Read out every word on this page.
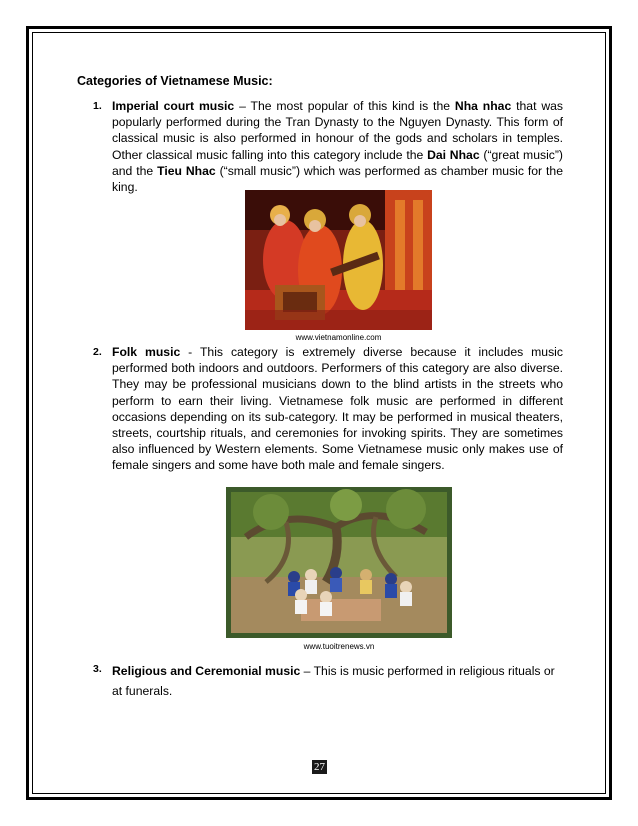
Categories of Vietnamese Music:
1. Imperial court music – The most popular of this kind is the Nha nhac that was popularly performed during the Tran Dynasty to the Nguyen Dynasty. This form of classical music is also performed in honour of the gods and scholars in temples. Other classical music falling into this category include the Dai Nhac (“great music”) and the Tieu Nhac (“small music”) which was performed as chamber music for the king.
www.vietnamonline.com
2. Folk music - This category is extremely diverse because it includes music performed both indoors and outdoors. Performers of this category are also diverse. They may be professional musicians down to the blind artists in the streets who perform to earn their living. Vietnamese folk music are performed in different occasions depending on its sub-category. It may be performed in musical theaters, streets, courtship rituals, and ceremonies for invoking spirits. They are sometimes also influenced by Western elements. Some Vietnamese music only makes use of female singers and some have both male and female singers.
www.tuoitrenews.vn
3. Religious and Ceremonial music – This is music performed in religious rituals or at funerals.
27
